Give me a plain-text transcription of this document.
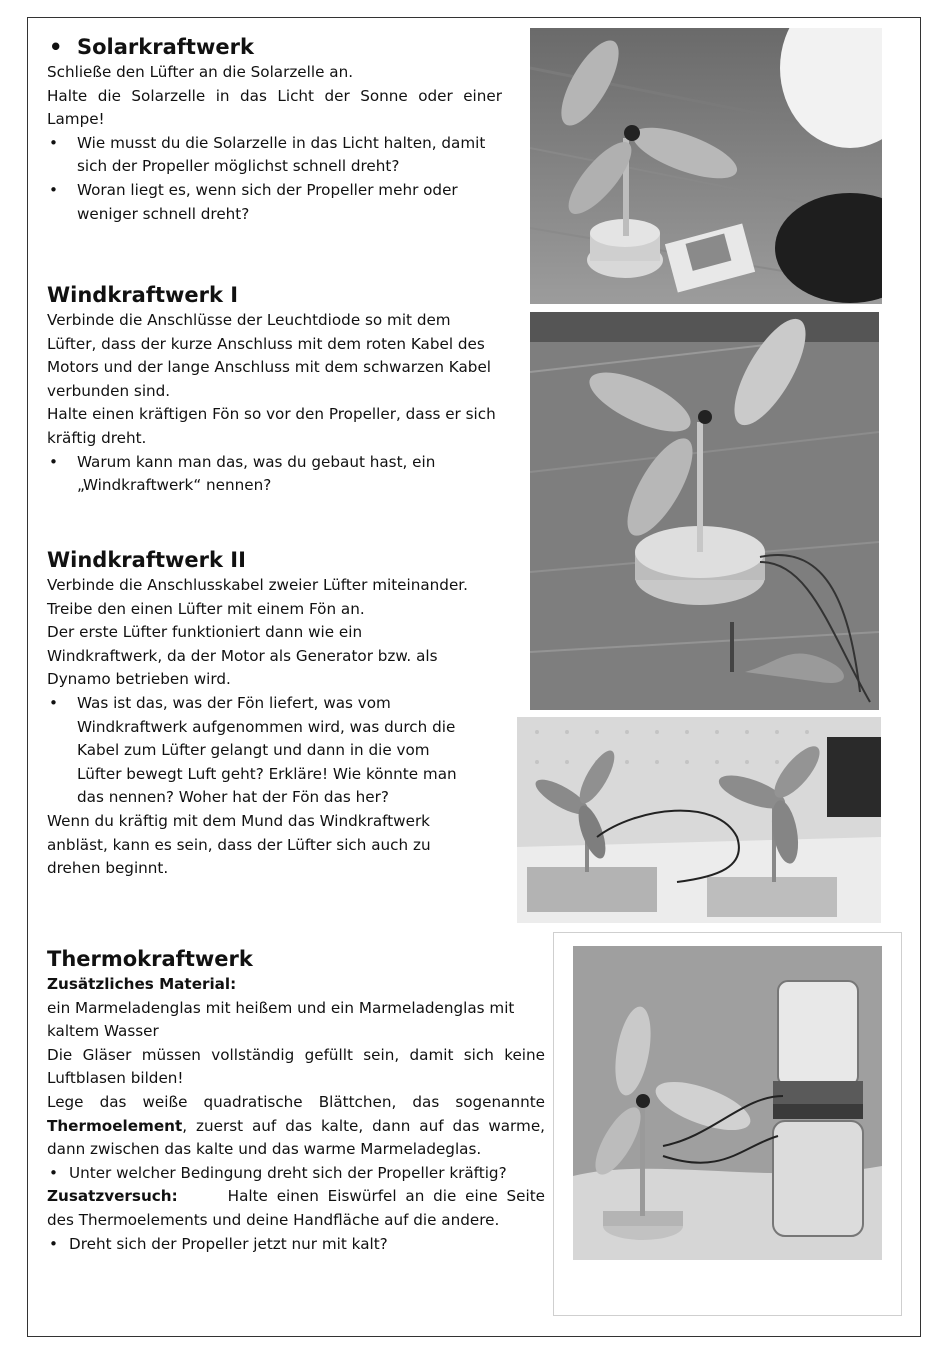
• Solarkraftwerk

Schließe den Lüfter an die Solarzelle an.

Halte die Solarzelle in das Licht der Sonne oder einer Lampe!

• Wie musst du die Solarzelle in das Licht halten, damit sich der Propeller möglichst schnell dreht?

• Woran liegt es, wenn sich der Propeller mehr oder weniger schnell dreht?

Windkraftwerk I

Verbinde die Anschlüsse der Leuchtdiode so mit dem Lüfter, dass der kurze Anschluss mit dem roten Kabel des Motors und der lange Anschluss mit dem schwarzen Kabel verbunden sind.

Halte einen kräftigen Fön so vor den Propeller, dass er sich kräftig dreht.

• Warum kann man das, was du gebaut hast, ein „Windkraftwerk“ nennen?

Windkraftwerk II

Verbinde die Anschlusskabel zweier Lüfter miteinander.

Treibe den einen Lüfter mit einem Fön an.

Der erste Lüfter funktioniert dann wie ein Windkraftwerk, da der Motor als Generator bzw. als Dynamo betrieben wird.

• Was ist das, was der Fön liefert, was vom Windkraftwerk aufgenommen wird, was durch die Kabel zum Lüfter gelangt und dann in die vom Lüfter bewegt Luft geht? Erkläre! Wie könnte man das nennen? Woher hat der Fön das her?

Wenn du kräftig mit dem Mund das Windkraftwerk anbläst, kann es sein, dass der Lüfter sich auch zu drehen beginnt.

Thermokraftwerk

Zusätzliches Material:

ein Marmeladenglas mit heißem und ein Marmeladenglas mit kaltem Wasser

Die Gläser müssen vollständig gefüllt sein, damit sich keine Luftblasen bilden!

Lege das weiße quadratische Blättchen, das sogenannte Thermoelement, zuerst auf das kalte, dann auf das warme, dann zwischen das kalte und das warme Marmeladeglas.

• Unter welcher Bedingung dreht sich der Propeller kräftig?

Zusatzversuch:	Halte einen Eiswürfel an die eine Seite des Thermoelements und deine Handfläche auf die andere.

• Dreht sich der Propeller jetzt nur mit kalt?
